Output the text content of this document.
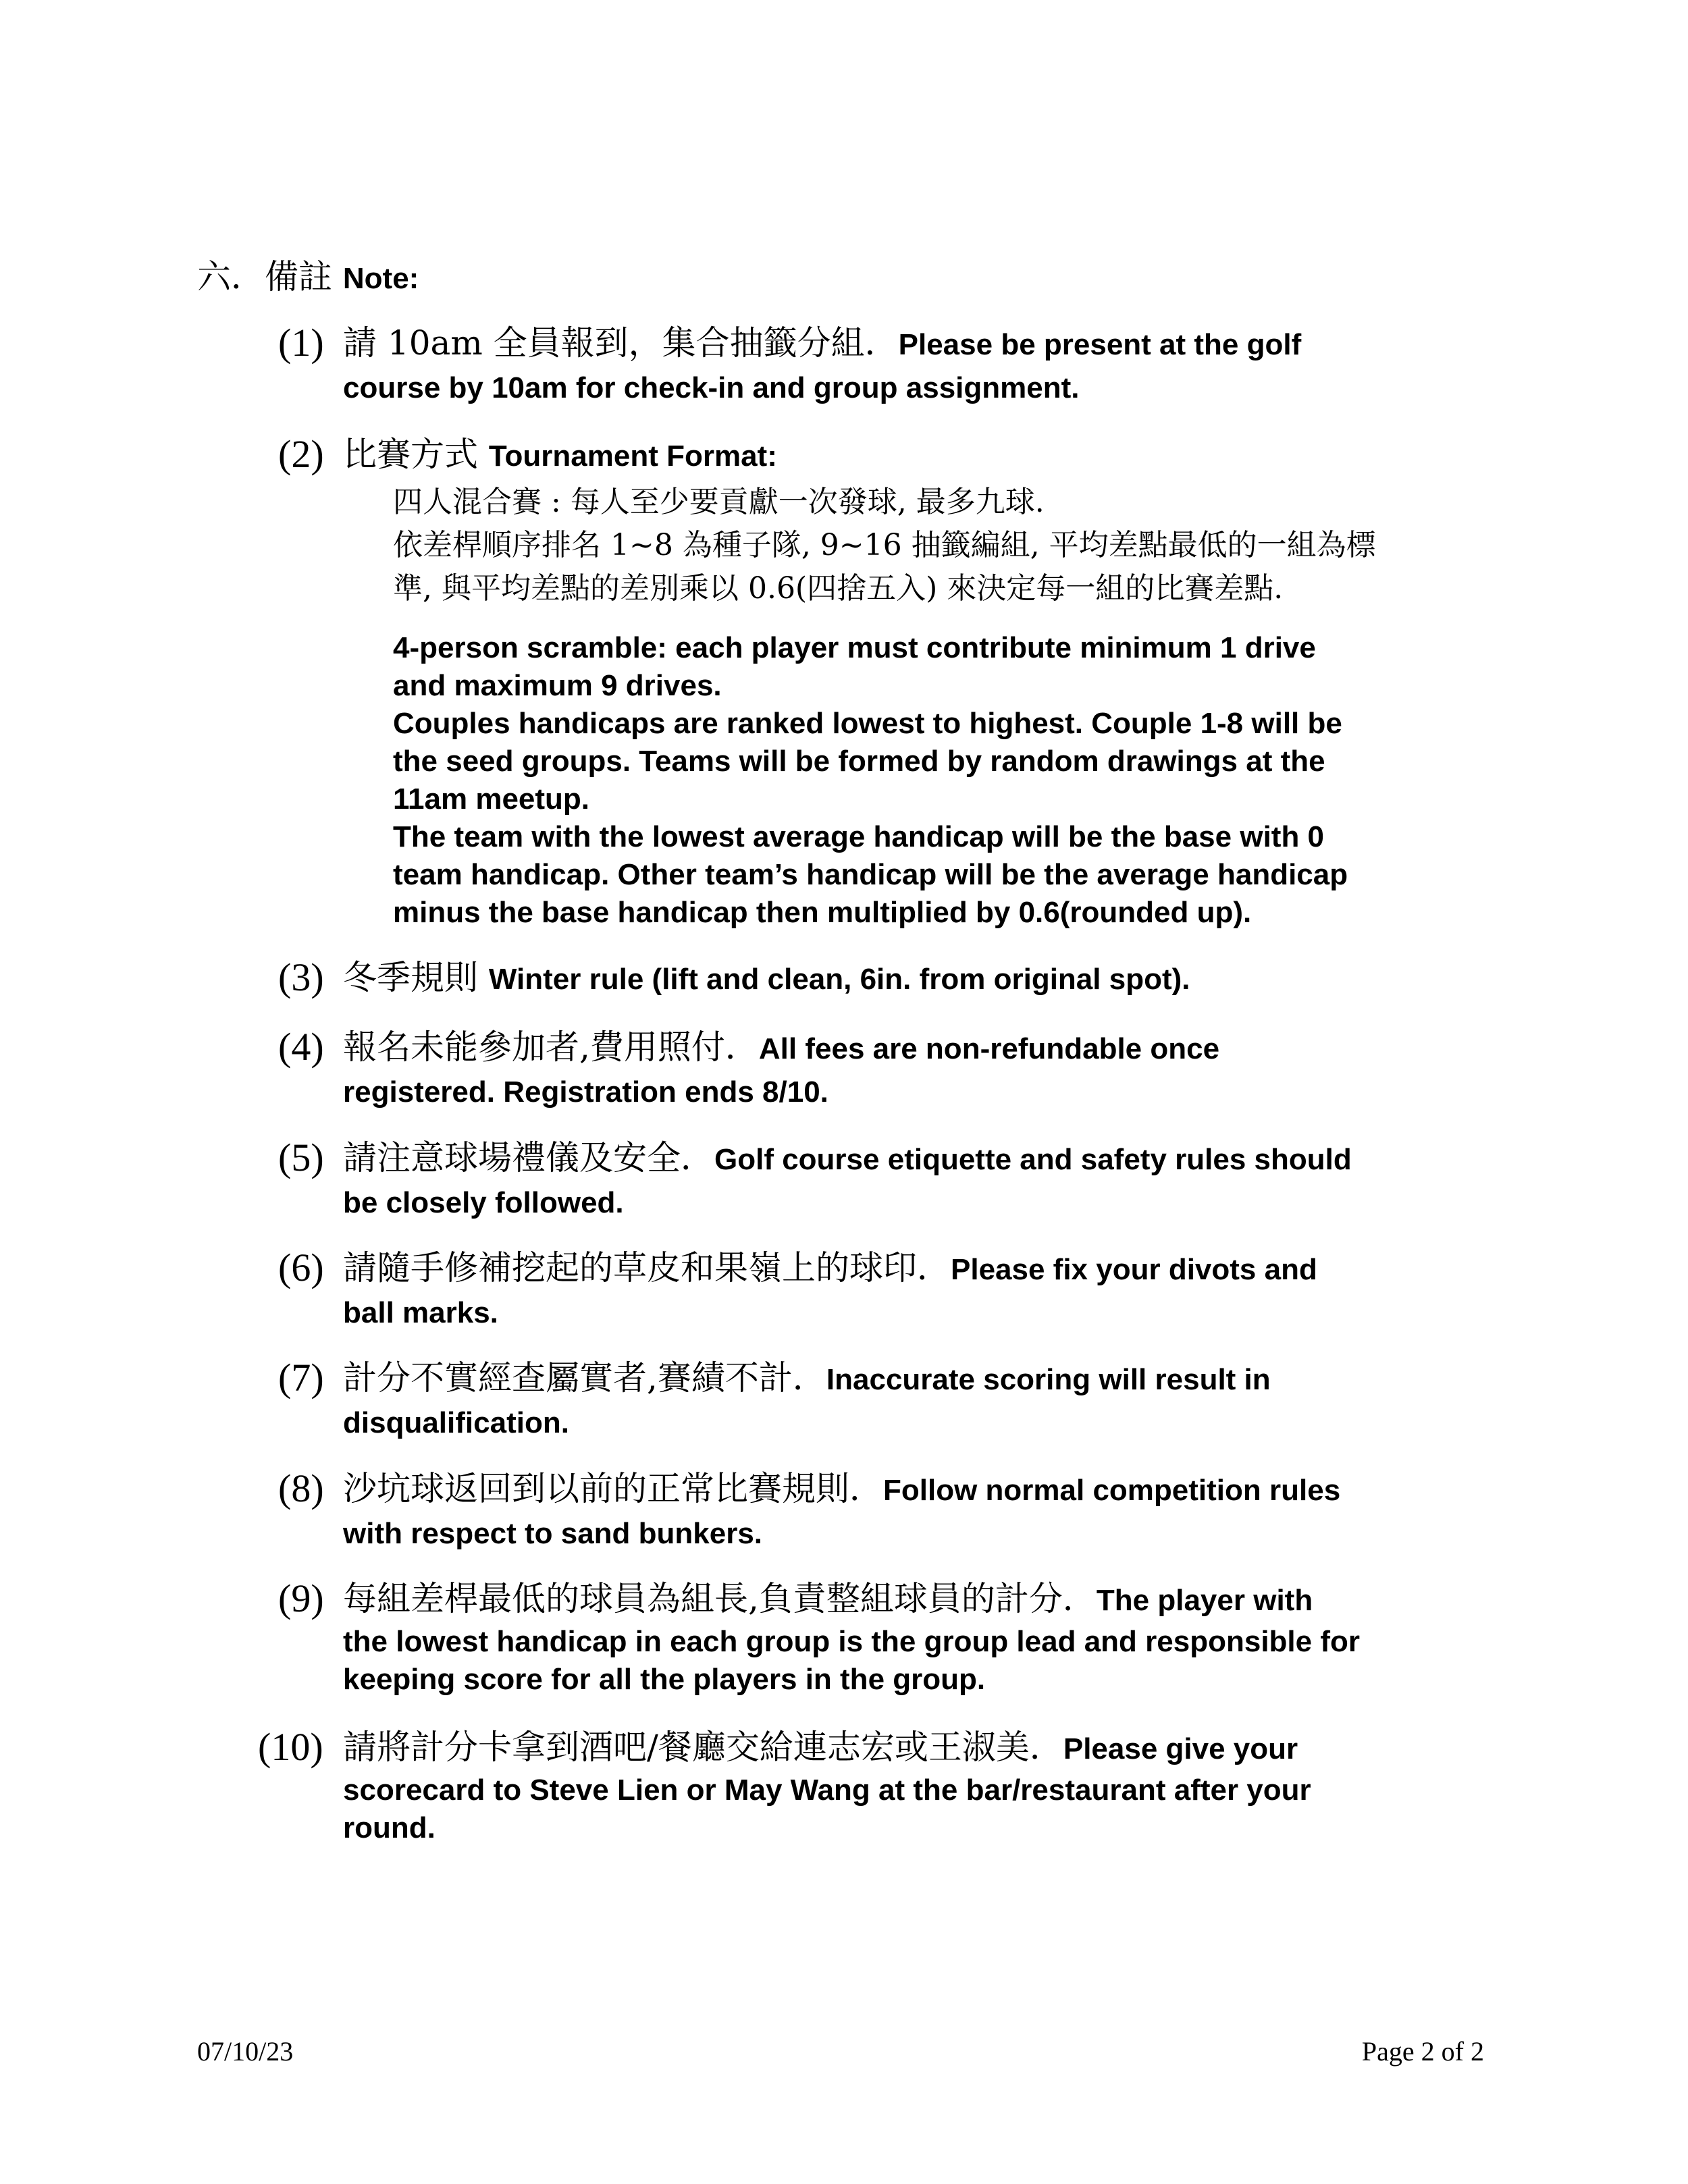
六．備註 Note:
(1) 請 10am 全員報到，集合抽籤分組．Please be present at the golf
course by 10am for check-in and group assignment.
(2) 比賽方式 Tournament Format:
四人混合賽 : 每人至少要貢獻一次發球, 最多九球.
依差桿順序排名 1~8 為種子隊, 9~16 抽籤編組, 平均差點最低的一組為標
準, 與平均差點的差別乘以 0.6(四捨五入) 來決定每一組的比賽差點.
4-person scramble: each player must contribute minimum 1 drive
and maximum 9 drives.
Couples handicaps are ranked lowest to highest. Couple 1-8 will be
the seed groups. Teams will be formed by random drawings at the
11am meetup.
The team with the lowest average handicap will be the base with 0
team handicap. Other team’s handicap will be the average handicap
minus the base handicap then multiplied by 0.6(rounded up).
(3) 冬季規則 Winter rule (lift and clean, 6in. from original spot).
(4) 報名未能參加者,費用照付．All fees are non-refundable once
registered. Registration ends 8/10.
(5) 請注意球場禮儀及安全．Golf course etiquette and safety rules should
be closely followed.
(6) 請隨手修補挖起的草皮和果嶺上的球印．Please fix your divots and
ball marks.
(7) 計分不實經查屬實者,賽績不計．Inaccurate scoring will result in
disqualification.
(8) 沙坑球返回到以前的正常比賽規則．Follow normal competition rules
with respect to sand bunkers.
(9) 每組差桿最低的球員為組長,負責整組球員的計分．The player with
the lowest handicap in each group is the group lead and responsible for
keeping score for all the players in the group.
(10) 請將計分卡拿到酒吧/餐廳交給連志宏或王淑美．Please give your
scorecard to Steve Lien or May Wang at the bar/restaurant after your
round.
07/10/23	Page 2 of 2
